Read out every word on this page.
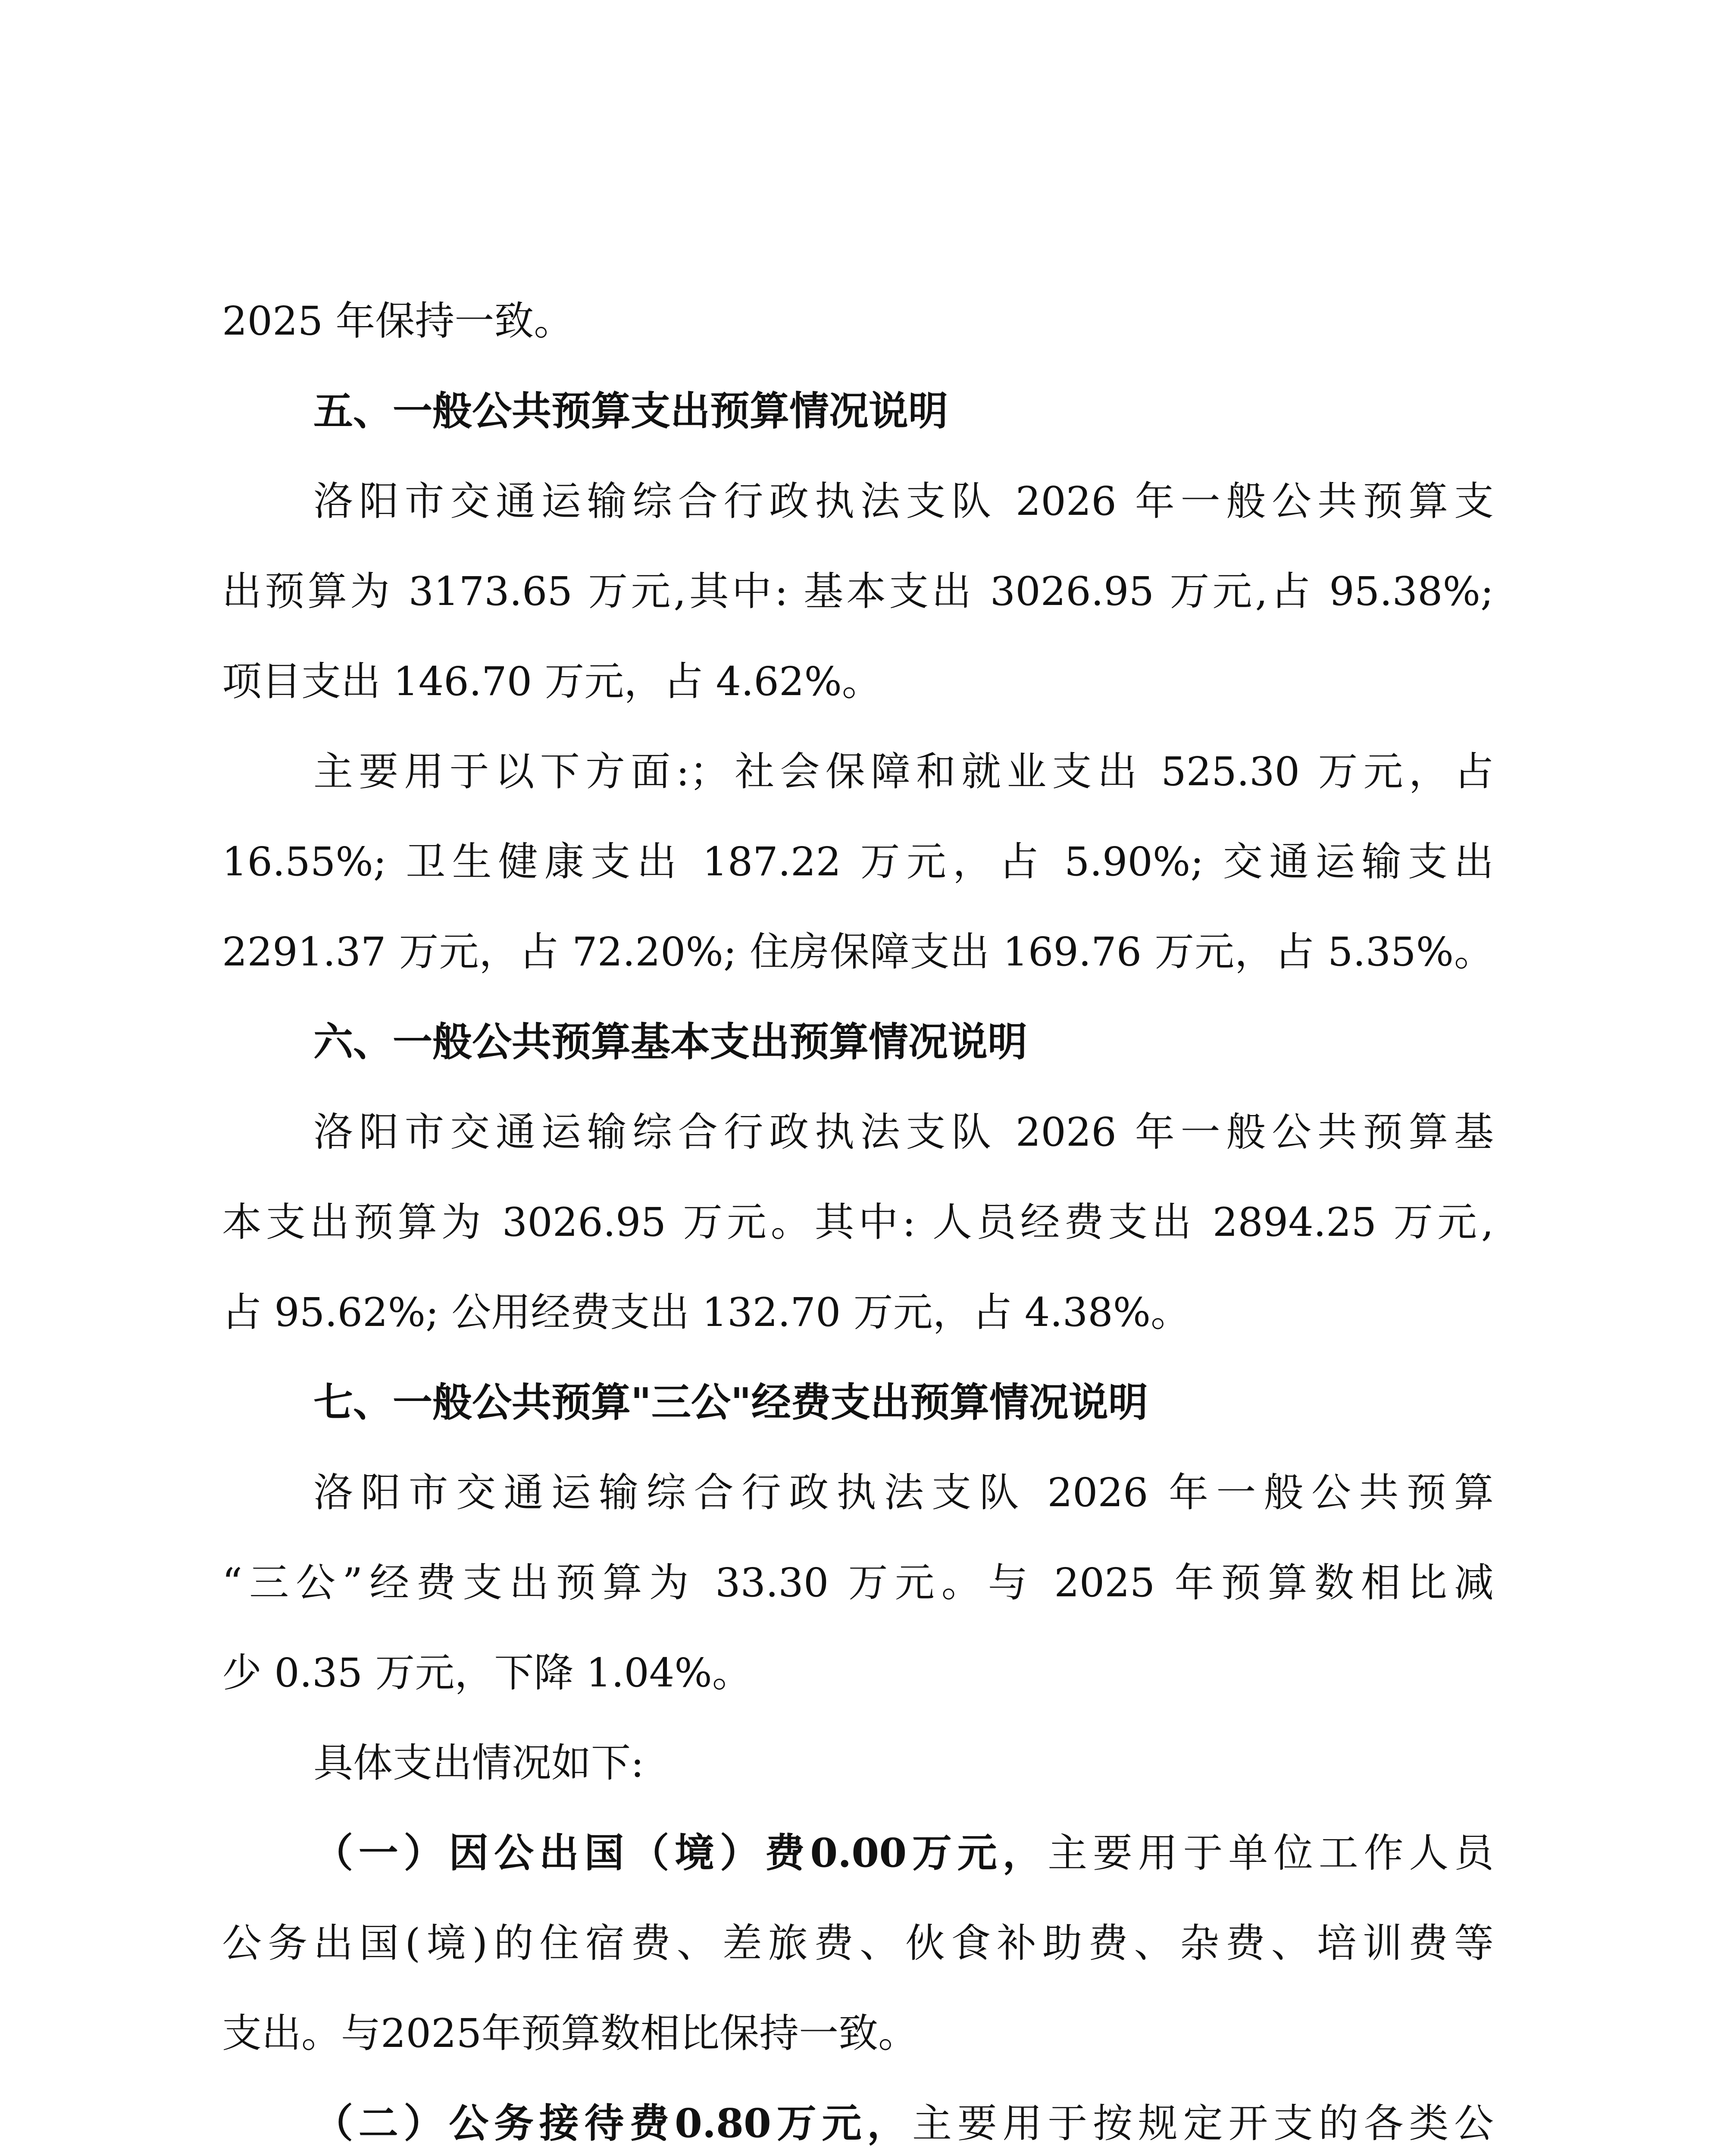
2025 年保持一致。
五、一般公共预算支出预算情况说明
洛阳市交通运输综合行政执法支队 2026 年一般公共预算支
出预算为 3173.65 万元,其中: 基本支出 3026.95 万元,占 95.38%;
项目支出 146.70 万元，占 4.62%。
主要用于以下方面:；社会保障和就业支出 525.30 万元，占
16.55%; 卫生健康支出 187.22 万元，占 5.90%; 交通运输支出
2291.37 万元，占 72.20%; 住房保障支出 169.76 万元，占 5.35%。
六、一般公共预算基本支出预算情况说明
洛阳市交通运输综合行政执法支队 2026 年一般公共预算基
本支出预算为 3026.95 万元。其中: 人员经费支出 2894.25 万元,
占 95.62%; 公用经费支出 132.70 万元，占 4.38%。
七、一般公共预算"三公"经费支出预算情况说明
洛阳市交通运输综合行政执法支队 2026 年一般公共预算
“三公”经费支出预算为 33.30 万元。与 2025 年预算数相比减
少 0.35 万元，下降 1.04%。
具体支出情况如下:
（一）因公出国（境）费0.00万元，主要用于单位工作人员
公务出国(境)的住宿费、差旅费、伙食补助费、杂费、培训费等
支出。与2025年预算数相比保持一致。
（二）公务接待费0.80万元，主要用于按规定开支的各类公
